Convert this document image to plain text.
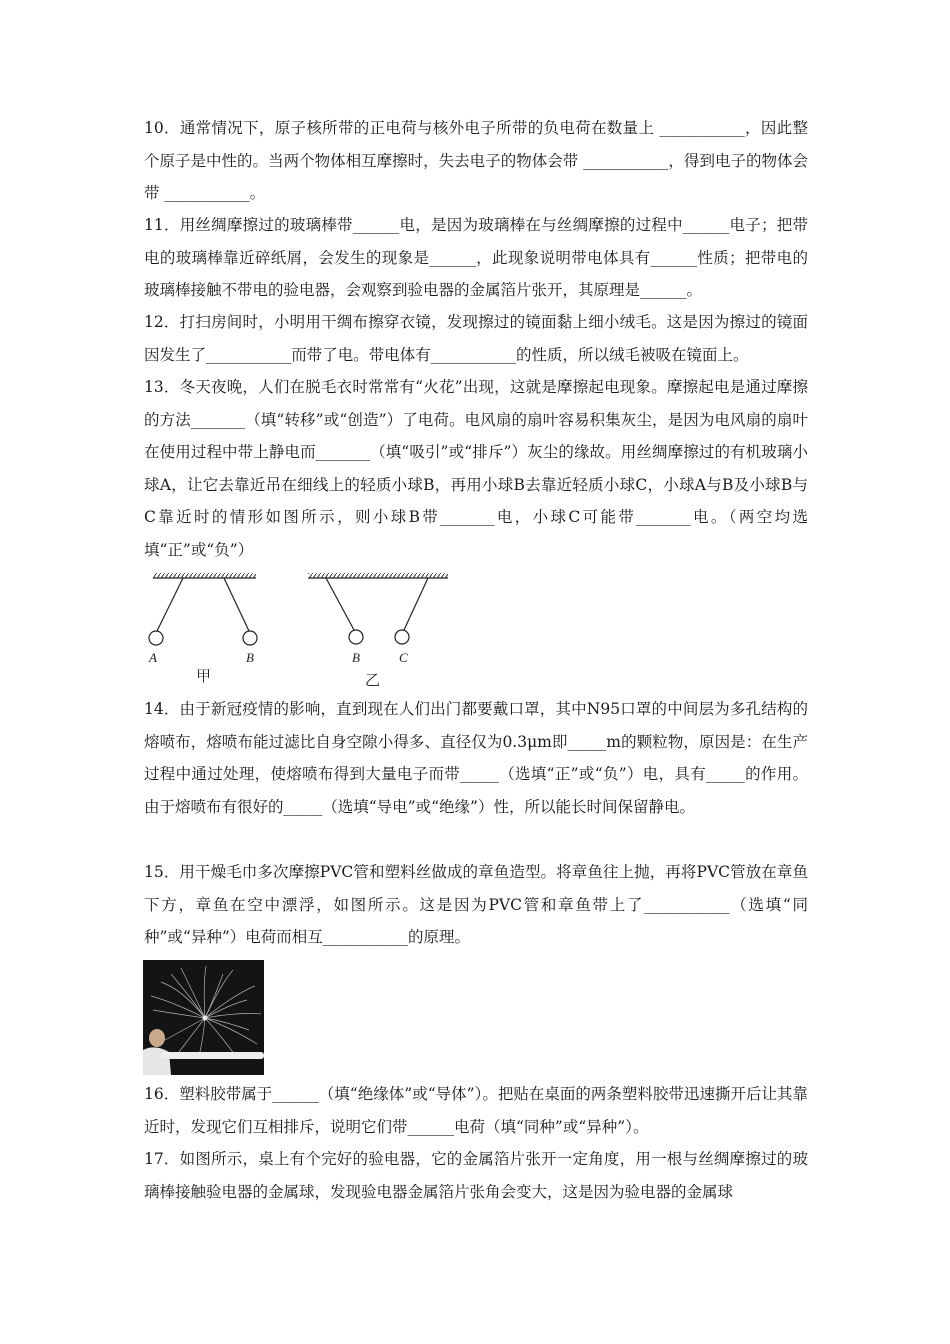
10．通常情况下，原子核所带的正电荷与核外电子所带的负电荷在数量上 ___________，因此整个原子是中性的。当两个物体相互摩擦时，失去电子的物体会带 ___________，得到电子的物体会带 ___________。

11．用丝绸摩擦过的玻璃棒带______电，是因为玻璃棒在与丝绸摩擦的过程中______电子；把带电的玻璃棒靠近碎纸屑，会发生的现象是______，此现象说明带电体具有______性质；把带电的玻璃棒接触不带电的验电器，会观察到验电器的金属箔片张开，其原理是______。

12．打扫房间时，小明用干绸布擦穿衣镜，发现擦过的镜面黏上细小绒毛。这是因为擦过的镜面因发生了___________而带了电。带电体有___________的性质，所以绒毛被吸在镜面上。

13．冬天夜晚，人们在脱毛衣时常常有“火花”出现，这就是摩擦起电现象。摩擦起电是通过摩擦的方法_______（填“转移”或“创造”）了电荷。电风扇的扇叶容易积集灰尘，是因为电风扇的扇叶在使用过程中带上静电而_______（填“吸引”或“排斥”）灰尘的缘故。用丝绸摩擦过的有机玻璃小球A，让它去靠近吊在细线上的轻质小球B，再用小球B去靠近轻质小球C，小球A与B及小球B与C靠近时的情形如图所示，则小球B带_______电，小球C可能带_______电。（两空均选填“正”或“负”）

A	B
甲
B	C
乙

14．由于新冠疫情的影响，直到现在人们出门都要戴口罩，其中N95口罩的中间层为多孔结构的熔喷布，熔喷布能过滤比自身空隙小得多、直径仅为0.3μm即_____m的颗粒物，原因是：在生产过程中通过处理，使熔喷布得到大量电子而带_____（选填“正”或“负”）电，具有_____的作用。由于熔喷布有很好的_____（选填“导电”或“绝缘”）性，所以能长时间保留静电。

15．用干燥毛巾多次摩擦PVC管和塑料丝做成的章鱼造型。将章鱼往上抛，再将PVC管放在章鱼下方，章鱼在空中漂浮，如图所示。这是因为PVC管和章鱼带上了___________（选填“同种”或“异种”）电荷而相互___________的原理。

16．塑料胶带属于______（填“绝缘体”或“导体”）。把贴在桌面的两条塑料胶带迅速撕开后让其靠近时，发现它们互相排斥，说明它们带______电荷（填“同种”或“异种”）。

17．如图所示，桌上有个完好的验电器，它的金属箔片张开一定角度，用一根与丝绸摩擦过的玻璃棒接触验电器的金属球，发现验电器金属箔片张角会变大，这是因为验电器的金属球
